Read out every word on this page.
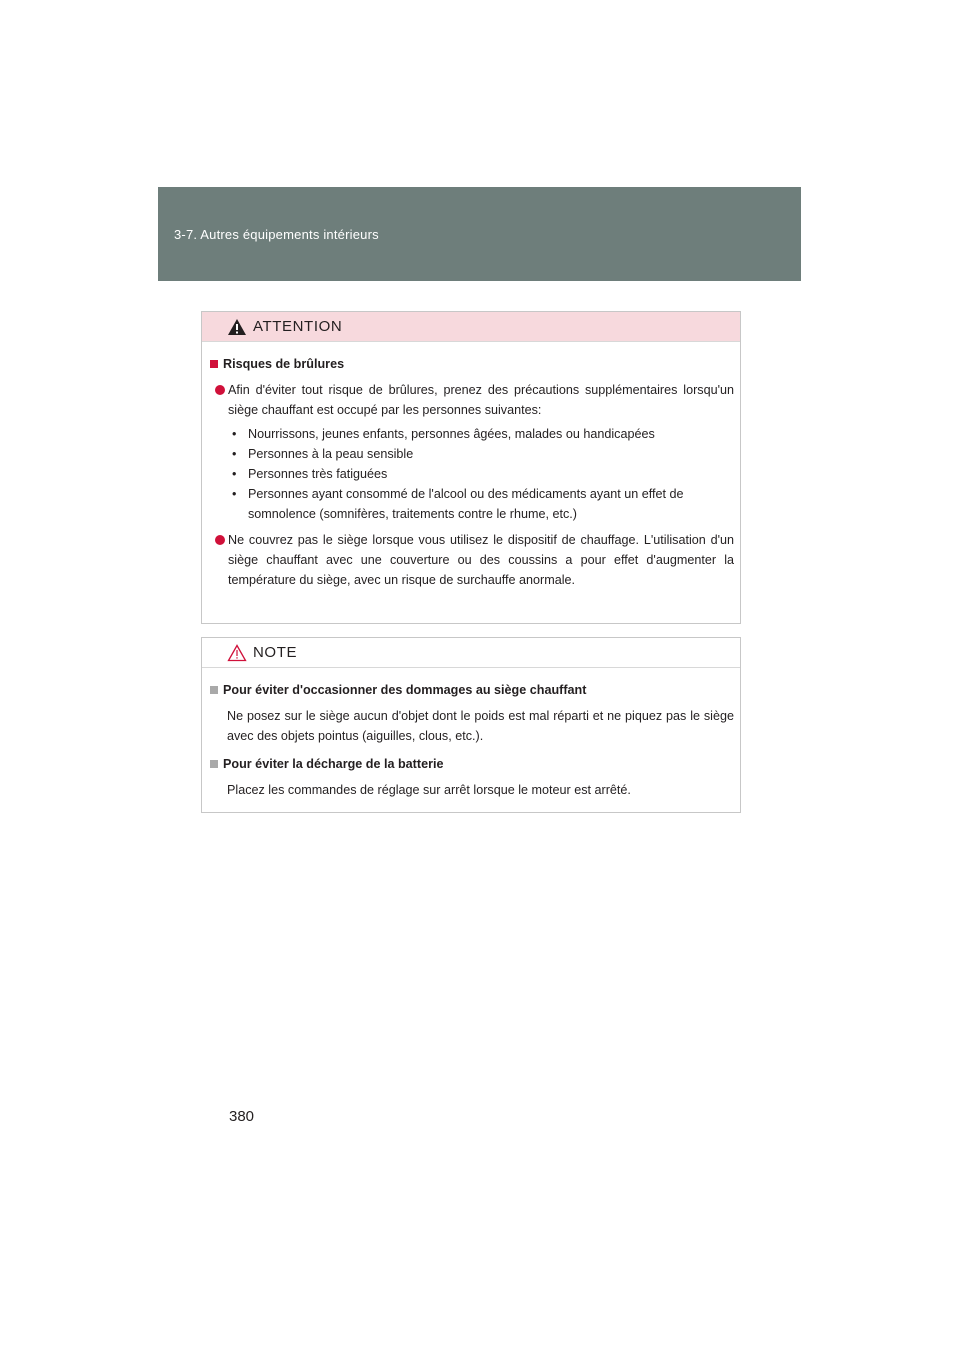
3-7. Autres équipements intérieurs
ATTENTION
Risques de brûlures
Afin d'éviter tout risque de brûlures, prenez des précautions supplémentaires lorsqu'un siège chauffant est occupé par les personnes suivantes:
• Nourrissons, jeunes enfants, personnes âgées, malades ou handicapées
• Personnes à la peau sensible
• Personnes très fatiguées
• Personnes ayant consommé de l'alcool ou des médicaments ayant un effet de somnolence (somnifères, traitements contre le rhume, etc.)
Ne couvrez pas le siège lorsque vous utilisez le dispositif de chauffage. L'utilisation d'un siège chauffant avec une couverture ou des coussins a pour effet d'augmenter la température du siège, avec un risque de surchauffe anormale.
NOTE
Pour éviter d'occasionner des dommages au siège chauffant
Ne posez sur le siège aucun d'objet dont le poids est mal réparti et ne piquez pas le siège avec des objets pointus (aiguilles, clous, etc.).
Pour éviter la décharge de la batterie
Placez les commandes de réglage sur arrêt lorsque le moteur est arrêté.
380
